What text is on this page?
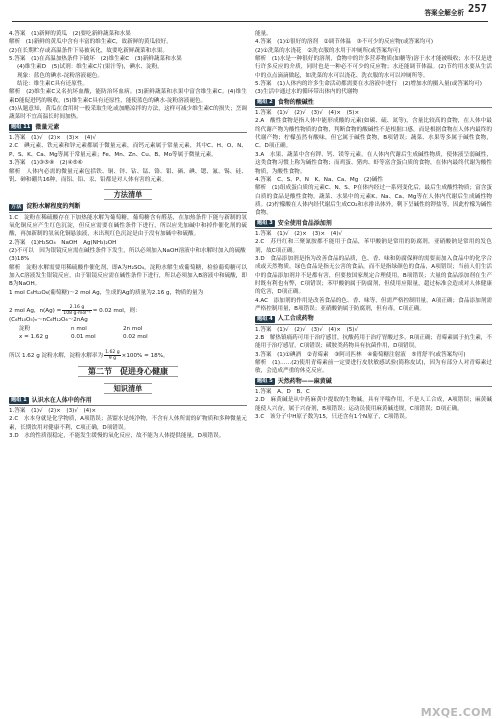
答案全解全析 257

4.答案　(1)新鲜的黄瓜　(2)要吃新鲜蔬菜和水果

解析　(1)新鲜的黄瓜中含有丰富的维生素C，故新鲜的黄瓜较好。

(2)在长期贮存或高温条件下易被氧化，故要吃新鲜蔬菜和水果。

5.答案　(1)在高温加热条件下破坏　(2)维生素C　(3)新鲜蔬菜和水果

(4)维生素D　(5)试剂：维生素C片(果汁等)，碘水、淀粉。

现象：蓝色的碘水-淀粉溶液褪色。

结论：维生素C具有还原性。

解析　(2)维生素C又名抗坏血酸，能防治坏血病。(3)新鲜蔬菜和水果中富含维生素C。(4)维生素D能促进钙的吸收。(5)维生素C具有还原性，能使蓝色的碘水-淀粉溶液褪色。

(3)从题意知，黄瓜在食用时一般采取生吃或加醋凉拌的方法，这样可减少维生素C的损失；烹调蔬菜时不宜高温长时间加热。

题组 11 微量元素

1.答案　(1)√　(2)×　(3)×　(4)√

2.C　碘元素、铁元素和锌元素都属于微量元素，而钙元素属于常量元素，其中C、H、O、N、P、S、K、Ca、Mg等属于常量元素；Fe、Mn、Zn、Cu、B、Mo等属于微量元素。

3.答案　(1)③⑤⑧　(2)④⑤⑥

解析　人体内必需的微量元素包括铁、铜、锌、钴、锰、铬、钼、硒、碘、锶、氟、锡、硅、钒、砷和硼共16种，而铝、铅、汞、铅都是对人体有害的元素。

方法清单
方法 淀粉水解程度的判断

1.C　淀粉在稀硫酸存在下加热能水解为葡萄糖，葡萄糖含有醛基，在加热条件下能与新制的氢氧化铜反应产生红色沉淀，但反应需要在碱性条件下进行，所以应先加碱中和掉作催化剂的硫酸，再加新制的氢氧化铜悬浊液，未出现红色沉淀是由于没有加碱中和硫酸。

2.答案　(1)H₂SO₄　NaOH　Ag(NH₃)₂OH

(2)不可以　因为银镜反应需在碱性条件下发生，所以必须加入NaOH溶液中和水解时加入的硫酸

(3)18%

解析　淀粉水解需要用稀硫酸作催化剂，即A为H₂SO₄，淀粉水解生成葡萄糖，检验葡萄糖可以加入C溶液发生银镜反应，由于银镜反应需在碱性条件下进行，所以必须加入B溶液中和硫酸，即B为NaOH。

1 mol C₆H₁₂O₆(葡萄糖)～2 mol Ag，生成的Ag的质量为2.16 g，物质的量为

2 mol Ag，$n(Ag) = \frac{2.16 g}{\text{108 g·mol⁻¹}} = 0.02$ mol，则：

(C₆H₁₀O₅)ₙ～nC₆H₁₂O₆～2nAg

淀粉	n mol	2n mol
x = 1.62 g	0.01 mol	0.02 mol

所以 1.62 g 淀粉水解，淀粉水解率为 $\frac{1.62 g}{9 g} \times 100\% = 18\%$。

第二节　促进身心健康
知识清单
题组 1 认识水在人体中的作用

1.答案　(1)√　(2)×　(3)√　(4)×

2.C　水本身就是化学物质，A项错误；蒸馏水是纯净物，不含有人体所需的矿物质和多种微量元素，长期饮用对健康不利，C项正确，D项错误。

3.D　水的性质很稳定，不能发生缓慢的氧化反应，故不能为人体提供能量，D项错误。

能量。

4.答案　(1)①很好的溶剂　②调节体温　③不可少的反应物(或答案均可)

(2)①洗菜的水浇花　②洗衣服的水用于冲厕所(或答案均可)

解析　(1)水是一种很好的溶剂，食物中的许多营养物质(如糖等)溶于水才能被吸收；水不仅是进行许多反应的介质，同时也是一种必不可少的反应物；水还能调节体温。(2)节约用水要从生活中的点点滴滴做起，如洗菜的水可以浇花、洗衣服的水可以冲厕所等。

5.答案　(1)人体内的许多生命活动都需要在水溶液中进行　(2)增加水的摄入量(或答案均可)

(3)生活中通过水的循环带出体内的代谢物

题组 2 食物的酸碱性

1.答案　(1)√　(2)√　(3)√　(4)×　(5)×

2.A　酸性食物是指人体中能形成酸的元素(如碳、硫、氮等)，含量比较高的食物，在人体中最终代谢产物为酸性物质的食物，判断食物的酸碱性不是根据口感，而是根据食物在人体内最终的代谢产物；柠檬虽然有酸味，但它属于碱性食物，B项错误；蔬菜、水果等多属于碱性食物，C、D项正确。

3.A　水果、蔬菜中含有钾、钙、镁等元素，在人体内代谢后生成碱性物质，使体液呈弱碱性，这类食物习惯上称为碱性食物；而鸡蛋、猪肉、虾等富含蛋白质的食物，在体内最终代谢为酸性物质，为酸性食物。

4.答案　C、S、P、N　K、Na、Ca、Mg　(2)碱性

解析　(1)组成蛋白质的元素C、N、S、P在体内经过一系列变化后，最后生成酸性物质；富含蛋白质的食品是酸性食物。蔬菜、水果中的元素K、Na、Ca、Mg等在人体内代谢后生成碱性物质。(2)柠檬酸在人体内经代谢后生成CO₂和水排出体外，剩下呈碱性的钾盐等，因此柠檬为碱性食物。

题组 3 安全使用食品添加剂

1.答案　(1)√　(2)×　(3)×　(4)√

2.C　苏丹红和三聚氰胺都不能用于食品，苯甲酸钠是常用的防腐剂，亚硝酸钠是常用的发色剂，故C项正确。

3.D　食品添加剂是指为改善食品的品质，色、香、味和防腐保鲜的需要而加入食品中的化学合成或天然物质。绿色食品是指无公害的食品，而不是指绿颜色的食品，A项错误；当前人们生活中的食品添加剂并不是都有害，但要按国家规定合理使用，B项错误；大量的食品添加剂在生产时既有利也有弊，C项错误；苯甲酸钠属于防腐剂，但使用应限量，超过标准会造成对人体健康的危害，D项正确。

4.AC　添加剂的作用是改善食品的色、香、味等，但需严格控制用量，A项正确；食品添加剂需严格控制用量，B项错误；亚硝酸钠属于防腐剂，但有毒，C项正确。

题组 4 人工合成药物

1.答案　(1)√　(2)√　(3)√　(4)×　(5)√

2.B　解热镇痛药可用于治疗感冒，抗酸药用于治疗胃酸过多，R项正确；青霉素属于抗生素，不能用于治疗感冒，C项错误；磺胺类药物具有抗菌作用，D项错误。

3.答案　(1)①碘酒　②青霉素　③阿司匹林　④葡萄糖注射液　⑤胃舒平(或答案均可)

解析　(1)……(2)使用青霉素前一定要进行皮肤敏感试验(简称皮试)，因为有部分人对青霉素过敏，会造成严重的休克反应。

题组 5 天然药物——麻黄碱

1.答案　A、D　B、C

2.D　麻黄碱是从中药麻黄中提取的生物碱，具有平喘作用，不是人工合成，A项错误；麻黄碱能使人兴奋，属于兴奋剂，B项错误；运动员使用麻黄碱违规，C项错误；D项正确。

3.C　该分子中H原子数为15，只还含有1个N原子，C项错误。

MXQE.COM
